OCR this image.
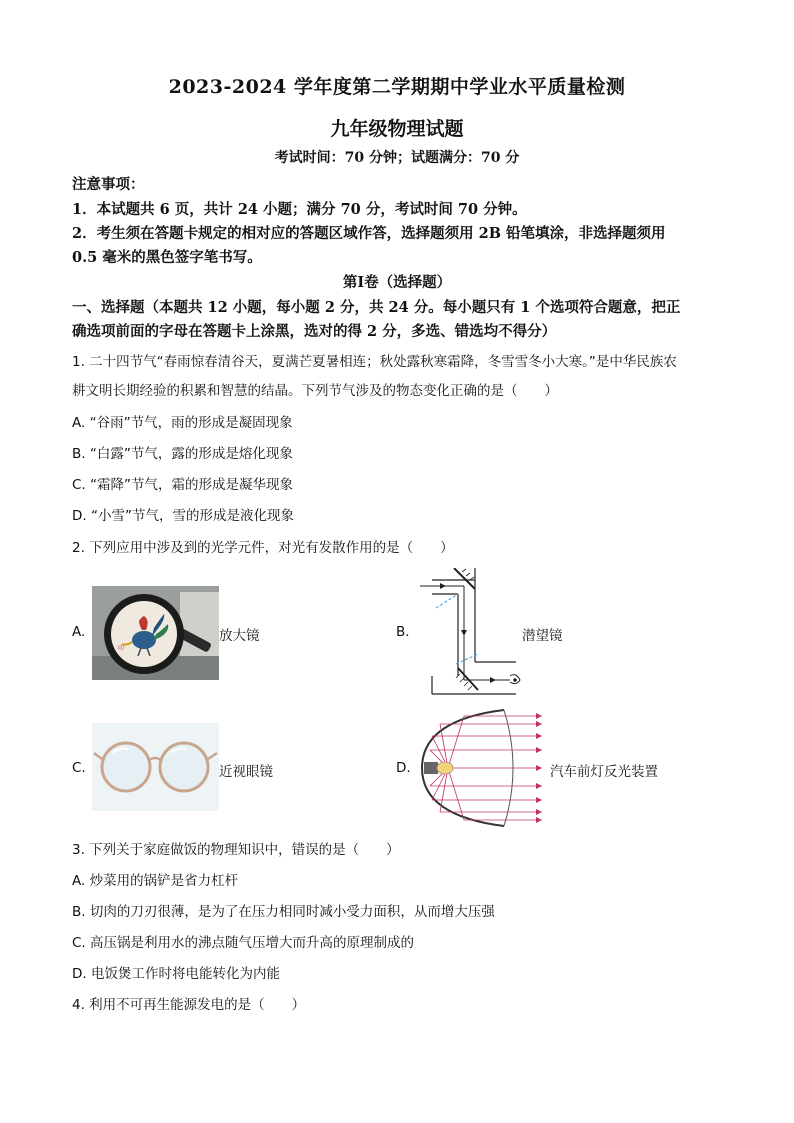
2023-2024 学年度第二学期期中学业水平质量检测
九年级物理试题
考试时间：70 分钟；试题满分：70 分
注意事项：
1．本试题共 6 页，共计 24 小题；满分 70 分，考试时间 70 分钟。
2．考生须在答题卡规定的相对应的答题区域作答，选择题须用 2B 铅笔填涂，非选择题须用
0.5 毫米的黑色签字笔书写。
第Ⅰ卷（选择题）
一、选择题（本题共 12 小题，每小题 2 分，共 24 分。每小题只有 1 个选项符合题意，把正
确选项前面的字母在答题卡上涂黑，选对的得 2 分，多选、错选均不得分）
1. 二十四节气“春雨惊春清谷天，夏满芒夏暑相连；秋处露秋寒霜降，冬雪雪冬小大寒。”是中华民族农
耕文明长期经验的积累和智慧的结晶。下列节气涉及的物态变化正确的是（　　）
A. “谷雨”节气，雨的形成是凝固现象
B. “白露”节气，露的形成是熔化现象
C. “霜降”节气，霜的形成是凝华现象
D. “小雪”节气，雪的形成是液化现象
2. 下列应用中涉及到的光学元件，对光有发散作用的是（　　）
A.
印
放大镜	B.	潜望镜
C.	近视眼镜	D.	汽车前灯反光装置
3. 下列关于家庭做饭的物理知识中，错误的是（　　）
A. 炒菜用的锅铲是省力杠杆
B. 切肉的刀刃很薄，是为了在压力相同时减小受力面积，从而增大压强
C. 高压锅是利用水的沸点随气压增大而升高的原理制成的
D. 电饭煲工作时将电能转化为内能
4. 利用不可再生能源发电的是（　　）
